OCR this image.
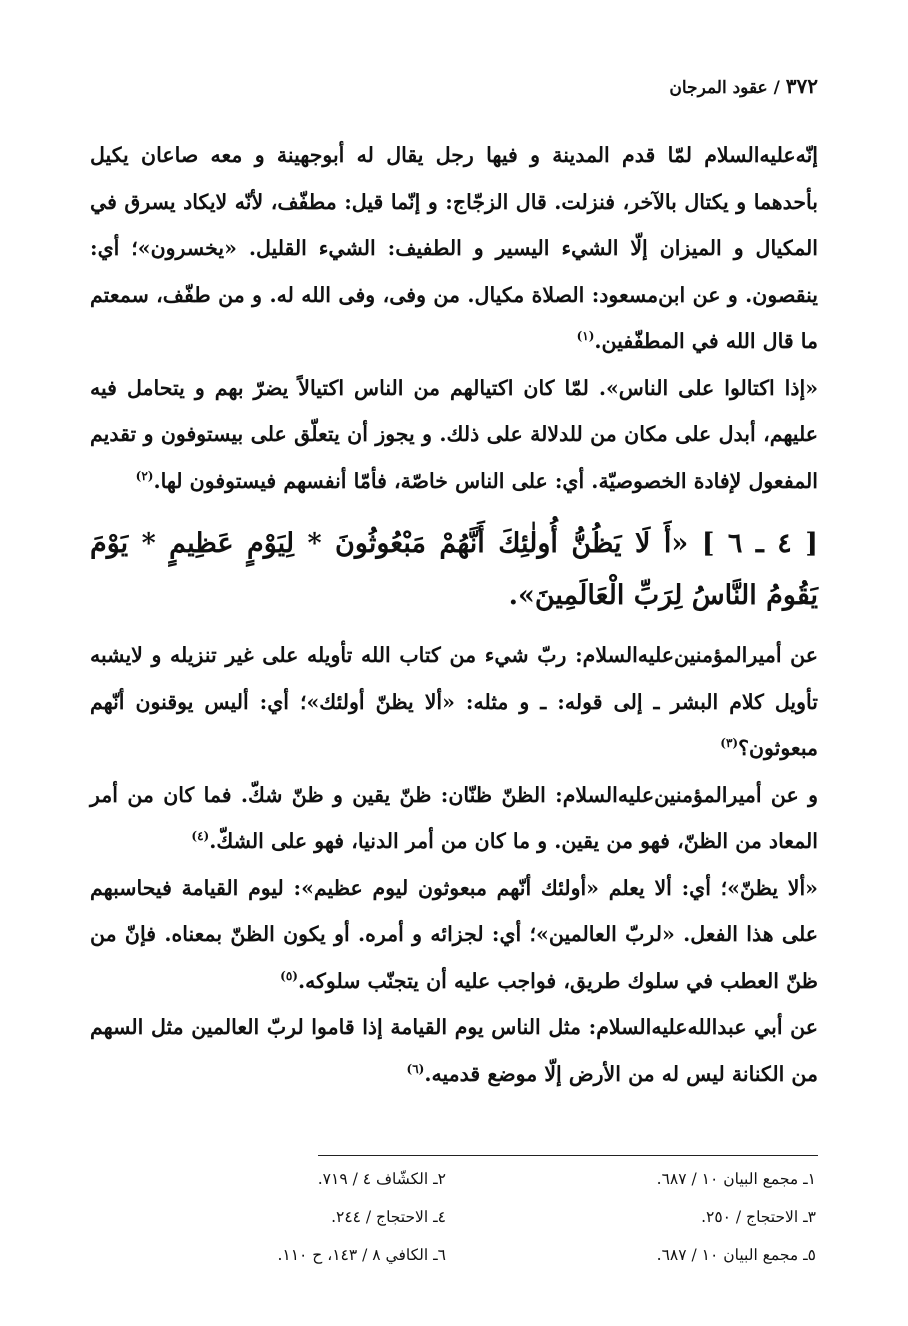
٣٧٢ / عقود المرجان

إنّه‌عليه‌السلام لمّا قدم المدينة و فيها رجل يقال له أبوجهينة و معه صاعان يكيل بأحدهما و يكتال بالآخر، فنزلت. قال الزجّاج: و إنّما قيل: مطفّف، لأنّه لايكاد يسرق في المكيال و الميزان إلّا الشيء اليسير و الطفيف: الشيء القليل. «يخسرون»؛ أي: ينقصون. و عن ابن‌مسعود: الصلاة مكيال. من وفى، وفى الله له. و من طفّف، سمعتم ما قال الله في المطفّفين.$^{(١)}$

«إذا اكتالوا على الناس». لمّا كان اكتيالهم من الناس اكتيالاً يضرّ بهم و يتحامل فيه عليهم، أبدل على مكان من للدلالة على ذلك. و يجوز أن يتعلّق على بيستوفون و تقديم المفعول لإفادة الخصوصيّة. أي: على الناس خاصّة، فأمّا أنفسهم فيستوفون لها.$^{(٢)}$

[ ٤ ـ ٦ ] «أَ لَا يَظُنُّ أُولٰئِكَ أَنَّهُمْ مَبْعُوثُونَ * لِيَوْمٍ عَظِيمٍ * يَوْمَ يَقُومُ النَّاسُ لِرَبِّ الْعَالَمِينَ».

عن أميرالمؤمنين‌عليه‌السلام: ربّ شيء من كتاب الله تأويله على غير تنزيله و لايشبه تأويل كلام البشر ـ إلى قوله: ـ و مثله: «ألا يظنّ أولئك»؛ أي: أليس يوقنون أنّهم مبعوثون؟$^{(٣)}$

و عن أميرالمؤمنين‌عليه‌السلام: الظنّ ظنّان: ظنّ يقين و ظنّ شكّ. فما كان من أمر المعاد من الظنّ، فهو من يقين. و ما كان من أمر الدنيا، فهو على الشكّ.$^{(٤)}$

«ألا يظنّ»؛ أي: ألا يعلم «أولئك أنّهم مبعوثون ليوم عظيم»: ليوم القيامة فيحاسبهم على هذا الفعل. «لربّ العالمين»؛ أي: لجزائه و أمره. أو يكون الظنّ بمعناه. فإنّ من ظنّ العطب في سلوك طريق، فواجب عليه أن يتجنّب سلوكه.$^{(٥)}$

عن أبي عبدالله‌عليه‌السلام: مثل الناس يوم القيامة إذا قاموا لربّ العالمين مثل السهم من الكنانة ليس له من الأرض إلّا موضع قدميه.$^{(٦)}$

١ـ مجمع البيان ١٠ / ٦٨٧.
٢ـ الكشّاف ٤ / ٧١٩.
٣ـ الاحتجاج / ٢٥٠.
٤ـ الاحتجاج / ٢٤٤.
٥ـ مجمع البيان ١٠ / ٦٨٧.
٦ـ الكافي ٨ / ١٤٣، ح ١١٠.
